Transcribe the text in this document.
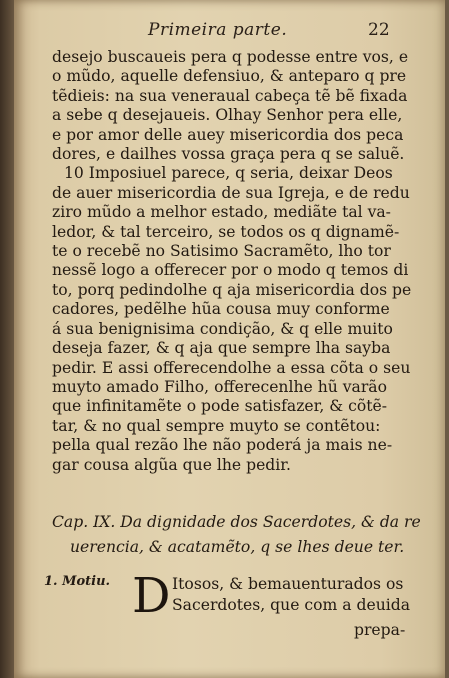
Primeira parte.	22
desejo buscaueis pera q podesse entre vos, e
o mũdo, aquelle defensiuo, & anteparo q pre
tẽdieis: na sua veneraual cabeça tẽ bẽ fixada
a sebe q desejaueis. Olhay Senhor pera elle,
e por amor delle auey misericordia dos peca
dores, e dailhes vossa graça pera q se saluẽ.
10 Imposiuel parece, q seria, deixar Deos
de auer misericordia de sua Igreja, e de redu
ziro mũdo a melhor estado, mediãte tal va-
ledor, & tal terceiro, se todos os q dignamẽ-
te o recebẽ no Satisimo Sacramẽto, lho tor
nessẽ logo a offerecer por o modo q temos di
to, porq pedindolhe q aja misericordia dos pe
cadores, pedẽlhe hũa cousa muy conforme
á sua benignisima condição, & q elle muito
deseja fazer, & q aja que sempre lha sayba
pedir. E assi offerecendolhe a essa cõta o seu
muyto amado Filho, offerecenlhe hũ varão
que infinitamẽte o pode satisfazer, & cõtẽ-
tar, & no qual sempre muyto se contẽtou:
pella qual rezão lhe não poderá ja mais ne-
gar cousa algũa que lhe pedir.
Cap. IX. Da dignidade dos Sacerdotes, & da re
uerencia, & acatamẽto, q se lhes deue ter.
1. Motiu. D Itosos, & bemauenturados os
Sacerdotes, que com a deuida
prepa-
